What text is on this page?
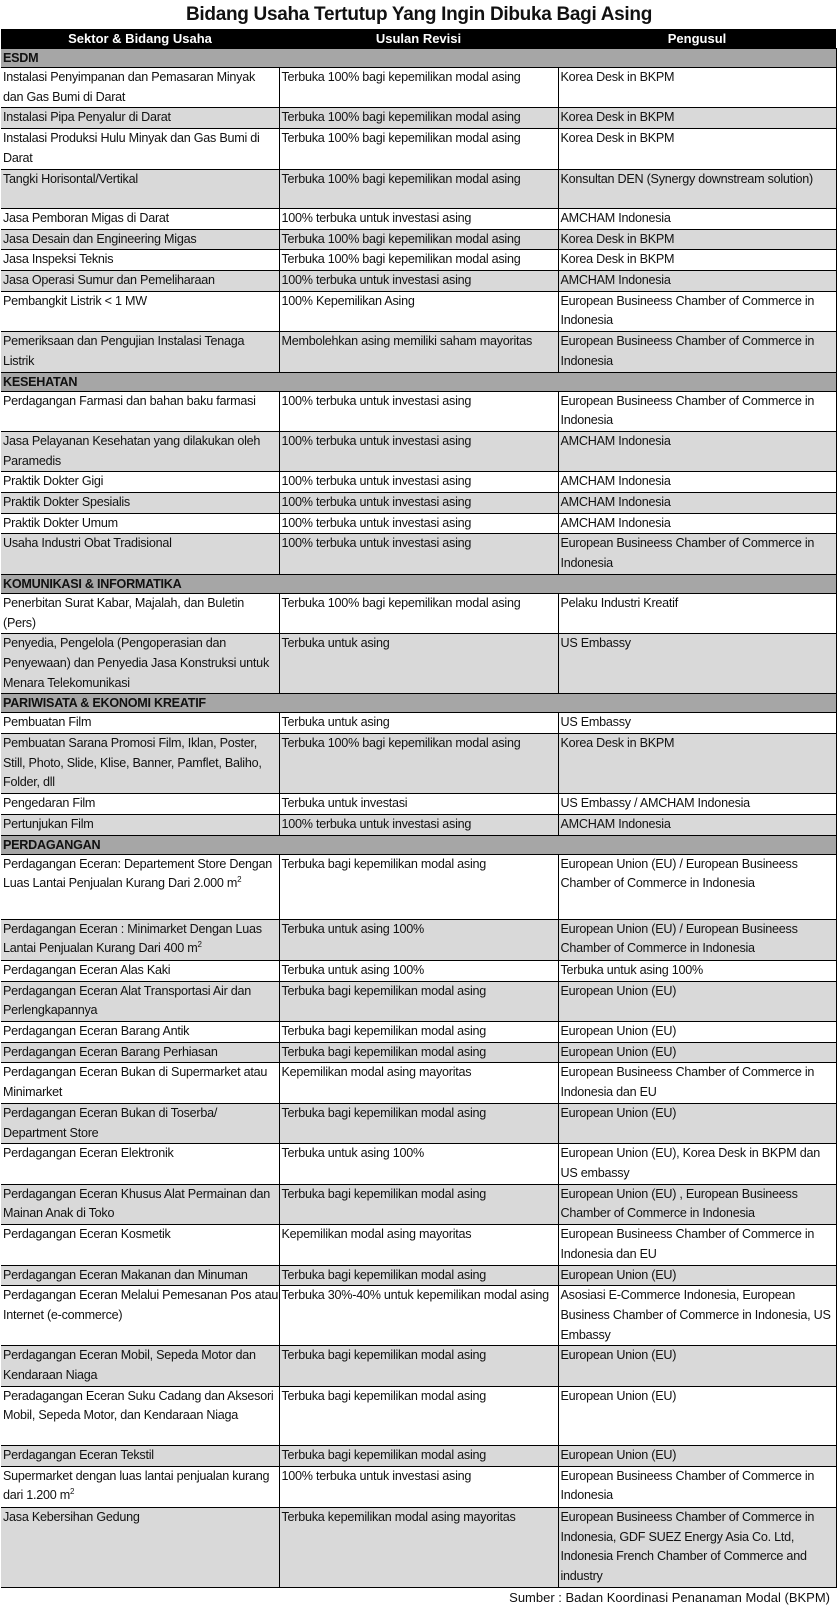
Bidang Usaha Tertutup Yang Ingin Dibuka Bagi Asing
Sektor & Bidang Usaha	Usulan Revisi	Pengusul
ESDM		
Instalasi Penyimpanan dan Pemasaran Minyak dan Gas Bumi di Darat	Terbuka 100% bagi kepemilikan modal asing	Korea Desk in BKPM
Instalasi Pipa Penyalur di Darat	Terbuka 100% bagi kepemilikan modal asing	Korea Desk in BKPM
Instalasi Produksi Hulu Minyak dan Gas Bumi di Darat	Terbuka 100% bagi kepemilikan modal asing	Korea Desk in BKPM
Tangki Horisontal/Vertikal	Terbuka 100% bagi kepemilikan modal asing	Konsultan DEN (Synergy downstream solution)
Jasa Pemboran Migas di Darat	100% terbuka untuk investasi asing	AMCHAM Indonesia
Jasa Desain dan Engineering Migas	Terbuka 100% bagi kepemilikan modal asing	Korea Desk in BKPM
Jasa Inspeksi Teknis	Terbuka 100% bagi kepemilikan modal asing	Korea Desk in BKPM
Jasa Operasi Sumur dan Pemeliharaan	100% terbuka untuk investasi asing	AMCHAM Indonesia
Pembangkit Listrik < 1 MW	100% Kepemilikan Asing	European Busineess Chamber of Commerce in Indonesia
Pemeriksaan dan Pengujian Instalasi Tenaga Listrik	Membolehkan asing memiliki saham mayoritas	European Busineess Chamber of Commerce in Indonesia
KESEHATAN		
Perdagangan Farmasi dan bahan baku farmasi	100% terbuka untuk investasi asing	European Busineess Chamber of Commerce in Indonesia
Jasa Pelayanan Kesehatan yang dilakukan oleh Paramedis	100% terbuka untuk investasi asing	AMCHAM Indonesia
Praktik Dokter Gigi	100% terbuka untuk investasi asing	AMCHAM Indonesia
Praktik Dokter Spesialis	100% terbuka untuk investasi asing	AMCHAM Indonesia
Praktik Dokter Umum	100% terbuka untuk investasi asing	AMCHAM Indonesia
Usaha Industri Obat Tradisional	100% terbuka untuk investasi asing	European Busineess Chamber of Commerce in Indonesia
KOMUNIKASI & INFORMATIKA		
Penerbitan Surat Kabar, Majalah, dan Buletin (Pers)	Terbuka 100% bagi kepemilikan modal asing	Pelaku Industri Kreatif
Penyedia, Pengelola (Pengoperasian dan Penyewaan) dan Penyedia Jasa Konstruksi untuk Menara Telekomunikasi	Terbuka untuk asing	US Embassy
PARIWISATA & EKONOMI KREATIF		
Pembuatan Film	Terbuka untuk asing	US Embassy
Pembuatan Sarana Promosi Film, Iklan, Poster, Still, Photo, Slide, Klise, Banner, Pamflet, Baliho, Folder, dll	Terbuka 100% bagi kepemilikan modal asing	Korea Desk in BKPM
Pengedaran Film	Terbuka untuk investasi	US Embassy / AMCHAM Indonesia
Pertunjukan Film	100% terbuka untuk investasi asing	AMCHAM Indonesia
PERDAGANGAN		
Perdagangan Eceran: Departement Store Dengan Luas Lantai Penjualan Kurang Dari 2.000 $m^2$	Terbuka bagi kepemilikan modal asing	European Union (EU) / European Busineess Chamber of Commerce in Indonesia
Perdagangan Eceran : Minimarket Dengan Luas Lantai Penjualan Kurang Dari 400 $m^2$	Terbuka untuk asing 100%	European Union (EU) / European Busineess Chamber of Commerce in Indonesia
Perdagangan Eceran Alas Kaki	Terbuka untuk asing 100%	Terbuka untuk asing 100%
Perdagangan Eceran Alat Transportasi Air dan Perlengkapannya	Terbuka bagi kepemilikan modal asing	European Union (EU)
Perdagangan Eceran Barang Antik	Terbuka bagi kepemilikan modal asing	European Union (EU)
Perdagangan Eceran Barang Perhiasan	Terbuka bagi kepemilikan modal asing	European Union (EU)
Perdagangan Eceran Bukan di Supermarket atau Minimarket	Kepemilikan modal asing mayoritas	European Busineess Chamber of Commerce in Indonesia dan EU
Perdagangan Eceran Bukan di Toserba/ Department Store	Terbuka bagi kepemilikan modal asing	European Union (EU)
Perdagangan Eceran Elektronik	Terbuka untuk asing 100%	European Union (EU), Korea Desk in BKPM dan US embassy
Perdagangan Eceran Khusus Alat Permainan dan Mainan Anak di Toko	Terbuka bagi kepemilikan modal asing	European Union (EU) , European Busineess Chamber of Commerce in Indonesia
Perdagangan Eceran Kosmetik	Kepemilikan modal asing mayoritas	European Busineess Chamber of Commerce in Indonesia dan EU
Perdagangan Eceran Makanan dan Minuman	Terbuka bagi kepemilikan modal asing	European Union (EU)
Perdagangan Eceran Melalui Pemesanan Pos atau Internet (e-commerce)	Terbuka 30%-40% untuk kepemilikan modal asing	Asosiasi E-Commerce Indonesia, European Business Chamber of Commerce in Indonesia, US Embassy
Perdagangan Eceran Mobil, Sepeda Motor dan Kendaraan Niaga	Terbuka bagi kepemilikan modal asing	European Union (EU)
Peradagangan Eceran Suku Cadang dan Aksesori Mobil, Sepeda Motor, dan Kendaraan Niaga	Terbuka bagi kepemilikan modal asing	European Union (EU)
Perdagangan Eceran Tekstil	Terbuka bagi kepemilikan modal asing	European Union (EU)
Supermarket dengan luas lantai penjualan kurang dari 1.200 $m^2$	100% terbuka untuk investasi asing	European Busineess Chamber of Commerce in Indonesia
Jasa Kebersihan Gedung	Terbuka kepemilikan modal asing mayoritas	European Busineess Chamber of Commerce in Indonesia, GDF SUEZ Energy Asia Co. Ltd, Indonesia French Chamber of Commerce and industry
Sumber : Badan Koordinasi Penanaman Modal (BKPM)
